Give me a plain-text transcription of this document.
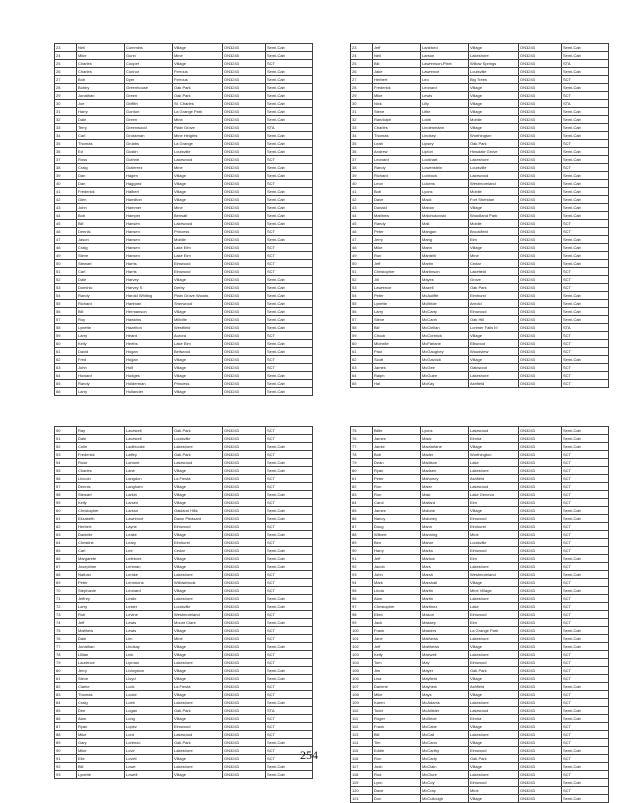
23	Neil	Cummins	Village	ON3243	Semi-Cab
24	Mike	Gunn	Mine	ON3245	Semi-Cab
25	Charles	Cooper	Village	ON3243	SCT
26	Charles	Connor	Ferrous	ON3243	Semi-Cab
27	Bob	Dyer	Ferrous	ON3243	Semi-Cab
28	Bobby	Greenhouse	Oak Park	ON3243	Semi-Cab
29	Jonathan	Green	Oak Park	ON3243	Semi-Cab
30	Joe	Griffith	St. Charles	ON3243	Semi-Cab
31	Harry	Gordon	La Grange Park	ON3243	Semi-Cab
32	Dale	Green	Mine	ON3243	Semi-Cab
33	Terry	Greenwood	Plain Grove	ON3243	STA
34	Carl	Grossman	Mine Heights	ON3243	Semi-Cab
35	Thomas	Grubbs	La Grange	ON3243	Semi-Cab
36	Ed	Gustin	Louisville	ON3243	Semi-Cab
37	Ross	Guthrie	Lakewood	ON3243	SCT
38	Craig	Gutierrez	Mine	ON3243	Semi-Cab
39	Dan	Hagen	Village	ON3243	Semi-Cab
40	Dan	Haggard	Village	ON3243	SCT
41	Frederick	Halbert	Village	ON3243	Semi-Cab
42	Glen	Hamilton	Village	ON3243	Semi-Cab
43	John	Hammer	Mine	ON3243	Semi-Cab
44	Bob	Hamper	Bensalt	ON3243	Semi-Cab
45	Bill	Hansen	Lakewood	ON3243	Semi-Cab
46	Dennis	Hansen	Princess	ON3243	SCT
47	Jason	Hansen	Mobile	ON3243	Semi-Cab
48	Craig	Hansen	Lake Elm	ON3243	SCT
49	Steve	Hansen	Lake Elm	ON3243	SCT
50	Stewart	Harris	Elmwood	ON3243	SCT
51	Carl	Harris	Elmwood	ON3243	SCT
52	Dale	Harvey	Village	ON3243	Semi-Cab
53	Dominic	Harvey S	Derby	ON3243	Semi-Cab
54	Randy	Harold Whiting	Plain Grove Woods	ON3243	Semi-Cab
55	Richard	Hartman	Sherwood	ON3243	Semi-Cab
56	Bill	Hermanson	Village	ON3243	Semi-Cab
57	Roy	Hawkins	Millville	ON3243	Semi-Cab
58	Lynette	Hazelton	Westfield	ON3243	Semi-Cab
59	Larry	Heard	Aurora	ON3243	SCT
60	Kelly	Heebs	Lake Elm	ON3243	Semi-Cab
61	David	Hogan	Bellwood	ON3243	Semi-Cab
62	Fred	Hogan	Village	ON3243	SCT
63	John	Holt	Village	ON3243	SCT
64	Howard	Hodges	Village	ON3243	Semi-Cab
65	Randy	Holderman	Princess	ON3243	Semi-Cab
66	Larry	Hollander	Village	ON3243	Semi-Cab
23	Jeff	Lankford	Village	ON3243	Semi-Cab
24	Neil	Larson	Lakeshore	ON3243	Semi-Cab
25	Bill	Lawrenson-Pixel	Willow Springs	ON3243	STA
26	Jake	Lawrence	Louisville	ON3243	Semi-Cab
27	Herbert	Leo	Big Trees	ON3243	SCT
28	Frederick	Leonard	Village	ON3243	Semi-Cab
29	Mike	Lewis	Village	ON3243	SCT
30	Nick	Lilly	Village	ON3243	STA
31	Steve	Little	Village	ON3243	Semi-Cab
32	Randolph	Lobb	Mobile	ON3243	Semi-Cab
33	Charles	Lindenmann	Village	ON3243	Semi-Cab
34	Thomas	Lindsey	Worthington	ON3243	Semi-Cab
35	Leah	Lipsey	Oak Park	ON3243	SCT
36	Andrew	Lipton	Hinsdale Grove	ON3243	Semi-Cab
37	Leonard	Lockhart	Lakeshore	ON3243	Semi-Cab
38	Randy	Lowenstein	Louisville	ON3243	SCT
39	Richard	Lubbock	Lakewood	ON3243	Semi-Cab
40	Leon	Lukens	Westmoreland	ON3243	Semi-Cab
41	Bob	Lyons	Mobile	ON3243	Semi-Cab
42	Dave	Mack	Fort Sheridan	ON3243	Semi-Cab
43	Donald	Mahon	Village	ON3243	Semi-Cab
44	Matthew	Malchukovski	Woodland Park	ON3243	Semi-Cab
45	Randy	Mall	Mobile	ON3243	SCT
46	Peter	Mangan	Brookfield	ON3243	SCT
47	Jerry	Mang	Elm	ON3243	Semi-Cab
48	Mike	Mann	Village	ON3243	Semi-Cab
49	Ron	Mantelli	Mine	ON3243	Semi-Cab
50	Jeff	Martin	Cedar	ON3243	Semi-Cab
51	Christopher	Martinson	Lakefield	ON3243	SCT
52	Jill	Mayes	Grove	ON3243	SCT
53	Lawrence	Mazell	Oak Park	ON3243	SCT
54	Peter	McAuliffe	Elmhurst	ON3243	Semi-Cab
55	Lynette	McBride	Arnold	ON3243	Semi-Cab
56	Larry	McCarty	Elmwood	ON3243	Semi-Cab
57	Steve	McCann	Oak Hill	ON3243	Semi-Cab
58	Bill	McClellan	Lorimer Falls III	ON3243	STA
59	Chuck	McCormick	Village	ON3243	SCT
60	Michelle	McFarlane	Elkwood	ON3243	SCT
61	Paul	McGaughey	Woodview	ON3243	SCT
62	Scott	McGavock	Village	ON3243	Semi-Cab
63	James	McGee	Oakwood	ON3243	SCT
64	Ralph	McGuire	Lakeshore	ON3243	SCT
65	Hal	McKay	Ashfield	ON3243	SCT
50	Ray	Lacewell	Oak Park	ON3243	SCT
51	Dale	Lacewell	Louisville	ON3243	SCT
52	Colin	Ladbrooke	Lakeshore	ON3243	Semi-Cab
53	Frederick	Laffey	Oak Park	ON3243	SCT
54	Rose	Lamont	Lakewood	ON3243	Semi-Cab
55	Charles	Lane	Village	ON3243	Semi-Cab
56	Lincoln	Langdon	La Fiesta	ON3243	SCT
57	Dennis	Langham	Village	ON3243	SCT
58	Stewart	Larkin	Village	ON3243	Semi-Cab
59	Kelly	Larsen	Village	ON3243	SCT
60	Christopher	Larson	Oakland Hills	ON3243	Semi-Cab
61	Elizabeth	Lawrence	Dawn Pleasant	ON3243	Semi-Cab
62	Herbert	Layne	Elmwood	ON3243	SCT
63	Danielle	Leake	Village	ON3243	Semi-Cab
64	Christine	Leary	Elmhurst	ON3243	SCT
65	Carl	Lee	Cedar	ON3243	Semi-Cab
66	Margarete	Lefebvre	Village	ON3243	Semi-Cab
67	Josephine	Lehman	Village	ON3243	Semi-Cab
68	Nathan	Lemke	Lakeshore	ON3243	SCT
69	Peter	Lemmons	Willowbrook	ON3243	SCT
70	Stephanie	Leonard	Village	ON3243	SCT
71	Jeffrey	Leslie	Lakeshore	ON3243	Semi-Cab
72	Larry	Lester	Louisville	ON3243	Semi-Cab
73	Rob	Levine	Westmoreland	ON3243	SCT
74	Jeff	Lewis	Mount Clare	ON3243	Semi-Cab
75	Matthew	Lewis	Village	ON3243	SCT
76	Dale	Lim	Mine	ON3243	SCT
77	Jonathan	Lindsay	Village	ON3243	Semi-Cab
78	Lillian	Link	Village	ON3243	SCT
79	Laurence	Lipman	Lakeshore	ON3243	SCT
80	Jerry	Livingston	Village	ON3243	Semi-Cab
81	Steve	Lloyd	Village	ON3243	Semi-Cab
82	Clarke	Lock	La Fiesta	ON3243	SCT
83	Thomas	Locke	Village	ON3243	SCT
84	Craig	Loeb	Lakeshore	ON3243	Semi-Cab
85	Dee	Logan	Oak Park	ON3243	STA
86	Alan	Long	Village	ON3243	SCT
87	Ryan	Lopez	Elmwood	ON3243	SCT
88	Mike	Lord	Lakewood	ON3243	SCT
89	Gary	Lorenzo	Oak Park	ON3243	Semi-Cab
90	Mike	Love	Lakeshore	ON3243	SCT
91	Elle	Lovell	Village	ON3243	SCT
92	Bill	Lowe	Lakeshore	ON3243	Semi-Cab
93	Lynette	Lowell	Village	ON3243	Semi-Cab
75	Billie	Lyons	Lakewood	ON3243	Semi-Cab
76	James	Mack	Elmira	ON3243	Semi-Cab
77	Jamie	Macfarlane	Village	ON3243	Semi-Cab
78	Bob	Mader	Worthington	ON3243	SCT
79	Dean	Madison	Lake	ON3243	SCT
80	Ryan	Madsen	Lakeshore	ON3243	SCT
81	Peter	Mahoney	Ashfield	ON3243	SCT
82	Ron	Maier	Lakewood	ON3243	SCT
83	Ron	Maki	Lake Geneva	ON3243	SCT
84	Carol	Mallard	Elm	ON3243	SCT
85	James	Malone	Village	ON3243	Semi-Cab
86	Nancy	Maloney	Elmwood	ON3243	Semi-Cab
87	Doug	Mann	Elmhurst	ON3243	SCT
88	Wilbert	Manning	Mine	ON3243	SCT
89	Ben	Manor	Louisville	ON3243	SCT
90	Harry	Marks	Elmwood	ON3243	SCT
91	Jeff	Marlow	Elm	ON3243	Semi-Cab
92	Jacob	Mars	Lakeshore	ON3243	SCT
93	John	Marsh	Westmoreland	ON3243	Semi-Cab
94	Mark	Marshall	Village	ON3243	SCT
95	Linda	Martin	Mine Village	ON3243	Semi-Cab
96	Alan	Martin	Lakeshore	ON3243	SCT
97	Christopher	Martinez	Lake	ON3243	SCT
98	Ellen	Mason	Elmwood	ON3243	SCT
99	Jack	Massey	Elm	ON3243	SCT
100	Frank	Masters	La Grange Park	ON3243	Semi-Cab
101	Jane	Mathews	Lakeshore	ON3243	Semi-Cab
102	Jeff	Matthews	Village	ON3243	Semi-Cab
103	Kelly	Maxwell	Lakeshore	ON3243	SCT
104	Tom	May	Elmwood	ON3243	SCT
105	Jim	Mayer	Oak Park	ON3243	SCT
106	Lisa	Mayfield	Village	ON3243	SCT
107	Darlene	Mayhew	Ashfield	ON3243	Semi-Cab
108	Mike	Mays	Village	ON3243	SCT
109	Karen	McAdams	Lakeshore	ON3243	SCT
110	Todd	McAllister	Lakewood	ON3243	Semi-Cab
111	Roger	McBride	Elmira	ON3243	Semi-Cab
112	Frank	McCabe	Village	ON3243	SCT
113	Bill	McCall	Lakeshore	ON3243	SCT
114	Tim	McCann	Village	ON3243	SCT
115	Eddie	McCarthy	Elmwood	ON3243	Semi-Cab
116	Ron	McCarty	Oak Park	ON3243	SCT
117	Josh	McClain	Village	ON3243	Semi-Cab
118	Rod	McClure	Lakeshore	ON3243	SCT
119	Lynn	McCoy	Elmwood	ON3243	Semi-Cab
120	Dave	McCray	Mine	ON3243	SCT
121	Don	McCullough	Village	ON3243	Semi-Cab
254
